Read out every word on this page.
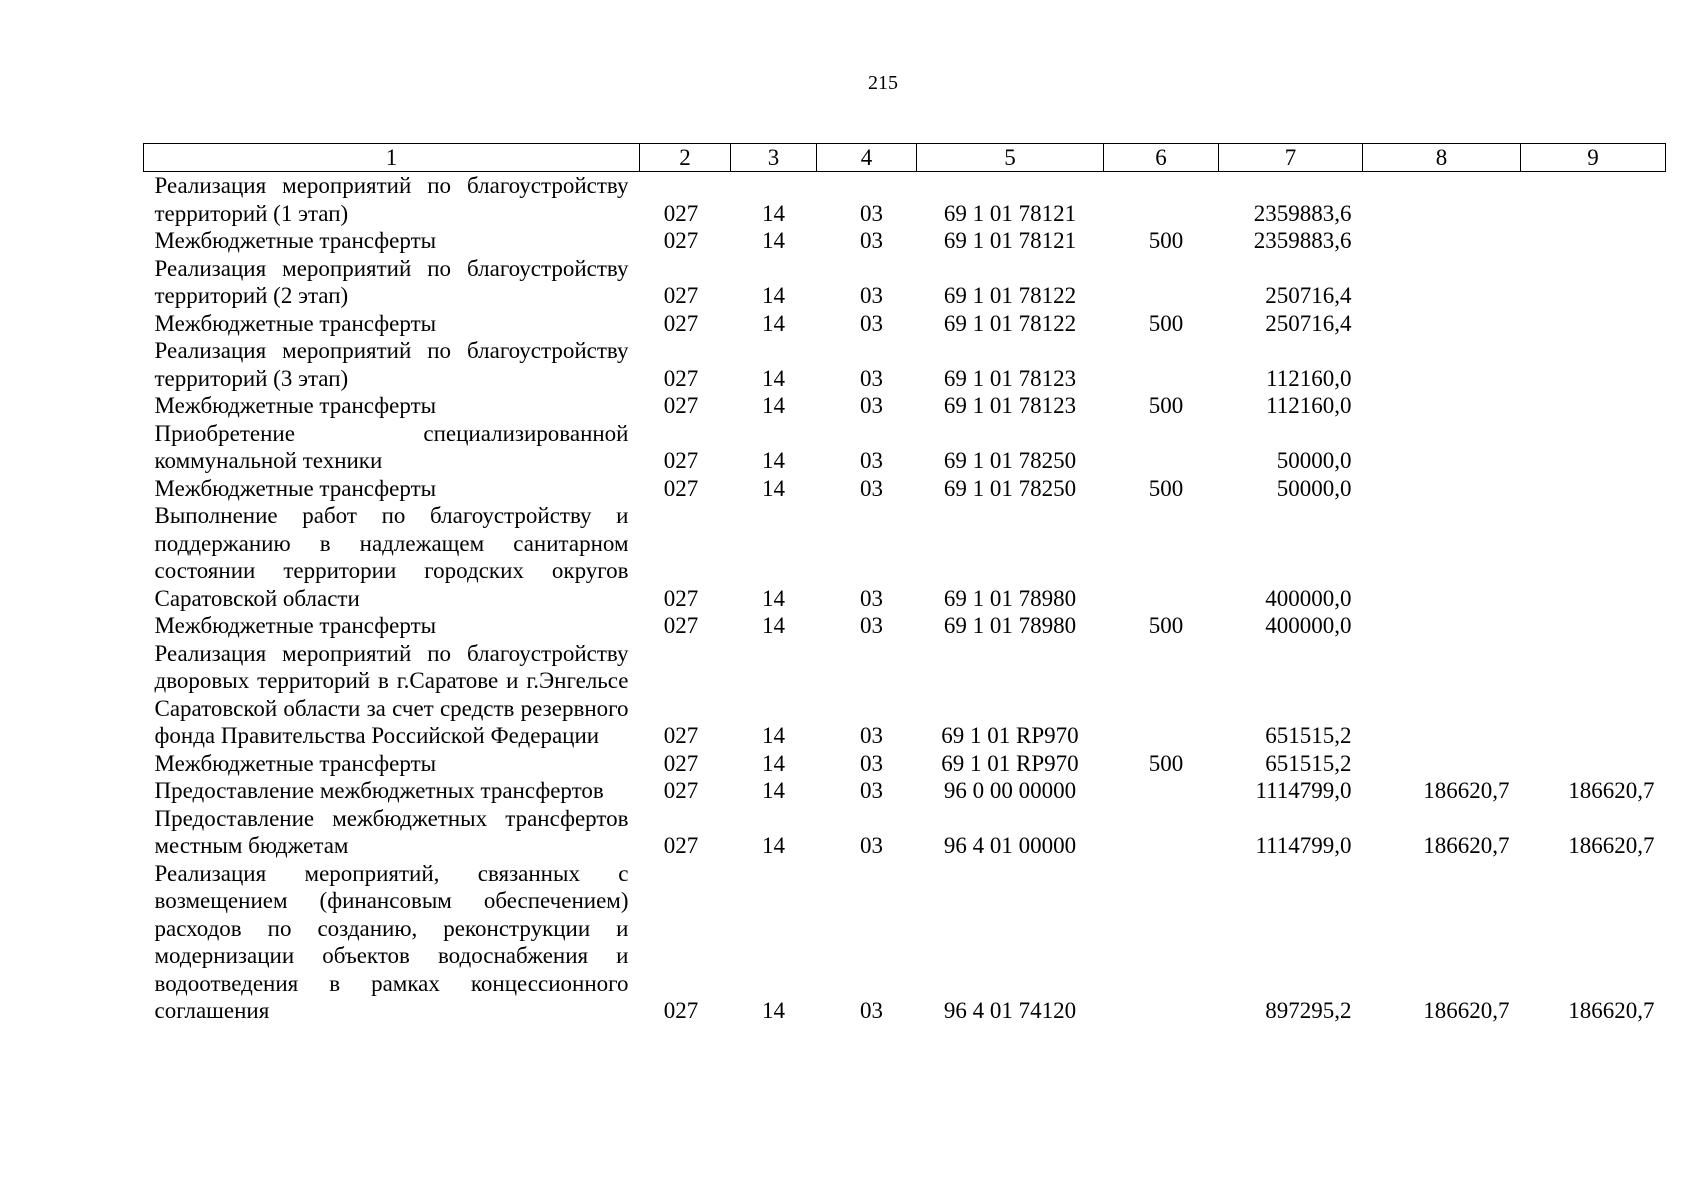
215
1	2	3	4	5	6	7	8	9
Реализация мероприятий по благоустройству территорий (1 этап)	027	14	03	69 1 01 78121		2359883,6		
Межбюджетные трансферты	027	14	03	69 1 01 78121	500	2359883,6		
Реализация мероприятий по благоустройству территорий (2 этап)	027	14	03	69 1 01 78122		250716,4		
Межбюджетные трансферты	027	14	03	69 1 01 78122	500	250716,4		
Реализация мероприятий по благоустройству территорий (3 этап)	027	14	03	69 1 01 78123		112160,0		
Межбюджетные трансферты	027	14	03	69 1 01 78123	500	112160,0		
Приобретение специализированной коммунальной техники	027	14	03	69 1 01 78250		50000,0		
Межбюджетные трансферты	027	14	03	69 1 01 78250	500	50000,0		
Выполнение работ по благоустройству и поддержанию в надлежащем санитарном состоянии территории городских округов Саратовской области	027	14	03	69 1 01 78980		400000,0		
Межбюджетные трансферты	027	14	03	69 1 01 78980	500	400000,0		
Реализация мероприятий по благоустройству дворовых территорий в г.Саратове и г.Энгельсе Саратовской области за счет средств резервного фонда Правительства Российской Федерации	027	14	03	69 1 01 RP970		651515,2		
Межбюджетные трансферты	027	14	03	69 1 01 RP970	500	651515,2		
Предоставление межбюджетных трансфертов	027	14	03	96 0 00 00000		1114799,0	186620,7	186620,7
Предоставление межбюджетных трансфертов местным бюджетам	027	14	03	96 4 01 00000		1114799,0	186620,7	186620,7
Реализация мероприятий, связанных с возмещением (финансовым обеспечением) расходов по созданию, реконструкции и модернизации объектов водоснабжения и водоотведения в рамках концессионного соглашения	027	14	03	96 4 01 74120		897295,2	186620,7	186620,7
